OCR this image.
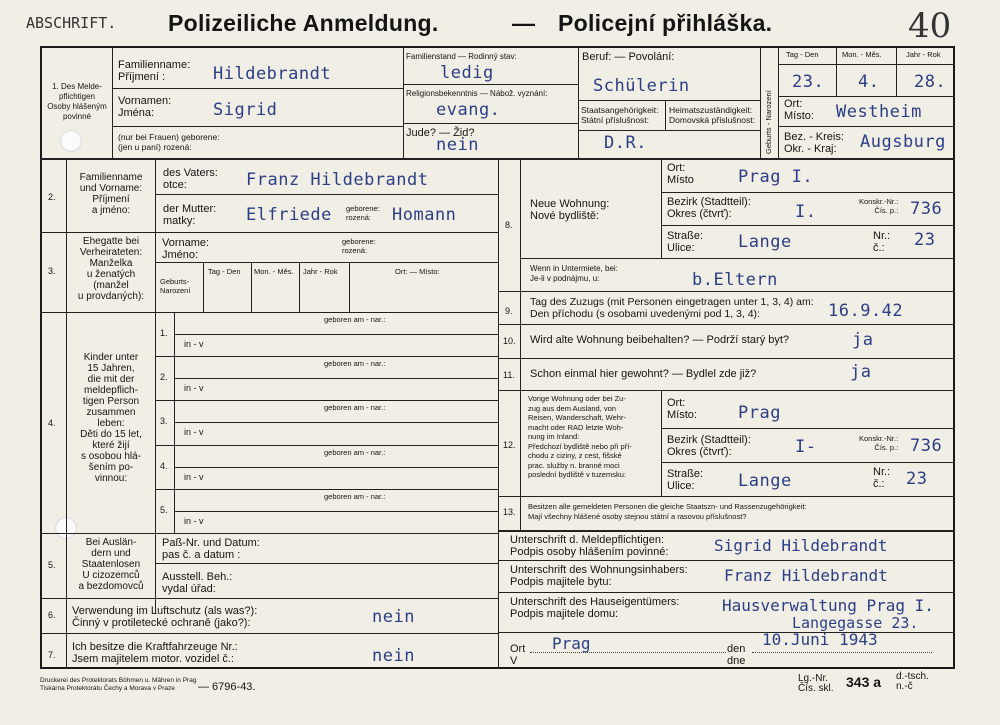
ABSCHRIFT. Polizeiliche Anmeldung.	— Policejní přihláška.	40
1. Des Melde-
pflichtigen
Osoby hlášeným
povinné
Familienname:
Příjmení :	Hildebrandt
Vornamen:
Jména:	Sigrid
(nur bei Frauen) geborene:
(jen u paní) rozená:
Familienstand — Rodinný stav:
ledig
Religionsbekenntnis — Nábož. vyznání:
evang.
Jude? — Žid?
nein
Beruf: — Povolání:
Schülerin
Staatsangehörigkeit:
Státní příslušnost:
D.R.
Heimatszuständigkeit:
Domovská příslušnost: Geburts - Narození
Tag - Den
23.
Mon. - Měs.
4.
Jahr - Rok
28.
Ort:
Místo: Westheim
Bez. - Kreis:
Okr. - Kraj:	Augsburg
2.
Familienname
und Vorname:
Příjmení
a jméno:
des Vaters:
otce:	Franz Hildebrandt
der Mutter:
matky:	Elfriede geborene:
rozená:	Homann
3.
Ehegatte bei
Verheirateten:
Manželka
u ženatých
(manžel
u provdaných):
Vorname:
Jméno:
geborene:
rozená:
Geburts-
Narození
Tag - Den Mon. - Měs. Jahr - Rok	Ort: — Místo:
4.
Kinder unter
15 Jahren,
die mit der
meldepflich-
tigen Person
zusammen
leben:
Děti do 15 let,
které žijí
s osobou hlá-
šením po-
vinnou:
1.
geboren am - nar.:
in - v
2.
geboren am - nar.:
in - v
3.
geboren am - nar.:
in - v
4.
geboren am - nar.:
in - v
5.
geboren am - nar.:
in - v
5.
Bei Auslän-
dern und
Staatenlosen
U cizozemců
a bezdomovců
Paß-Nr. und Datum:
pas č. a datum :
Ausstell. Beh.:
vydal úřad:
6. Verwendung im Luftschutz (als was?):
Činný v protiletecké ochraně (jako?):	nein
7.
Ich besitze die Kraftfahrzeuge Nr.:
Jsem majitelem motor. vozidel č.:	nein
8.
Neue Wohnung:
Nové bydliště:
Ort:
Místo	Prag I.
Bezirk (Stadtteil):
Okres (čtvrť):	I.
Konskr.-Nr.:
Čís. p.: 736
Straße:
Ulice:	Lange	Nr.:
č.:	23
Wenn in Untermiete, bei:
Je-li v podnájmu, u:	b.Eltern
9.
Tag des Zuzugs (mit Personen eingetragen unter 1, 3, 4) am:
Den příchodu (s osobami uvedenými pod 1, 3, 4):	16.9.42
10. Wird alte Wohnung beibehalten? — Podrží starý byt?	ja
11. Schon einmal hier gewohnt? — Bydlel zde již?	ja
12.
Vorige Wohnung oder bei Zu-
zug aus dem Ausland, von
Reisen, Wanderschaft, Wehr-
macht oder RAD letzte Woh-
nung im Inland:
Předchozí bydliště nebo při pří-
chodu z ciziny, z cest, fišské
prac. služby n. branné moci
poslední bydliště v tuzemsku:
Ort:
Místo: Prag
Bezirk (Stadtteil):
Okres (čtvrť):	I-	Konskr.-Nr.:
Čís. p.: 736
Straße:
Ulice:	Lange	Nr.:
č.:	23
13.
Besitzen alle gemeldeten Personen die gleiche Staatszn- und Rassenzugehörigkeit:
Mají všechny hlášené osoby stejnou státní a rasovou příslušnost?
Unterschrift d. Meldepflichtigen:
Podpis osoby hlášením povinné:	Sigrid Hildebrandt
Unterschrift des Wohnungsinhabers:
Podpis majitele bytu:	Franz Hildebrandt
Unterschrift des Hauseigentümers:
Podpis majitele domu:	Hausverwaltung Prag I.
Langegasse 23.
Ort
V
Prag	den
dne
10.Juni 1943
Druckerei des Protektorats Böhmen u. Mähren in Prag
Tiskárna Protektorátu Čechy a Morava v Praze	— 6796-43.
Lg.-Nr.
Čís. skl. 343 a d.-tsch.
n.-č
